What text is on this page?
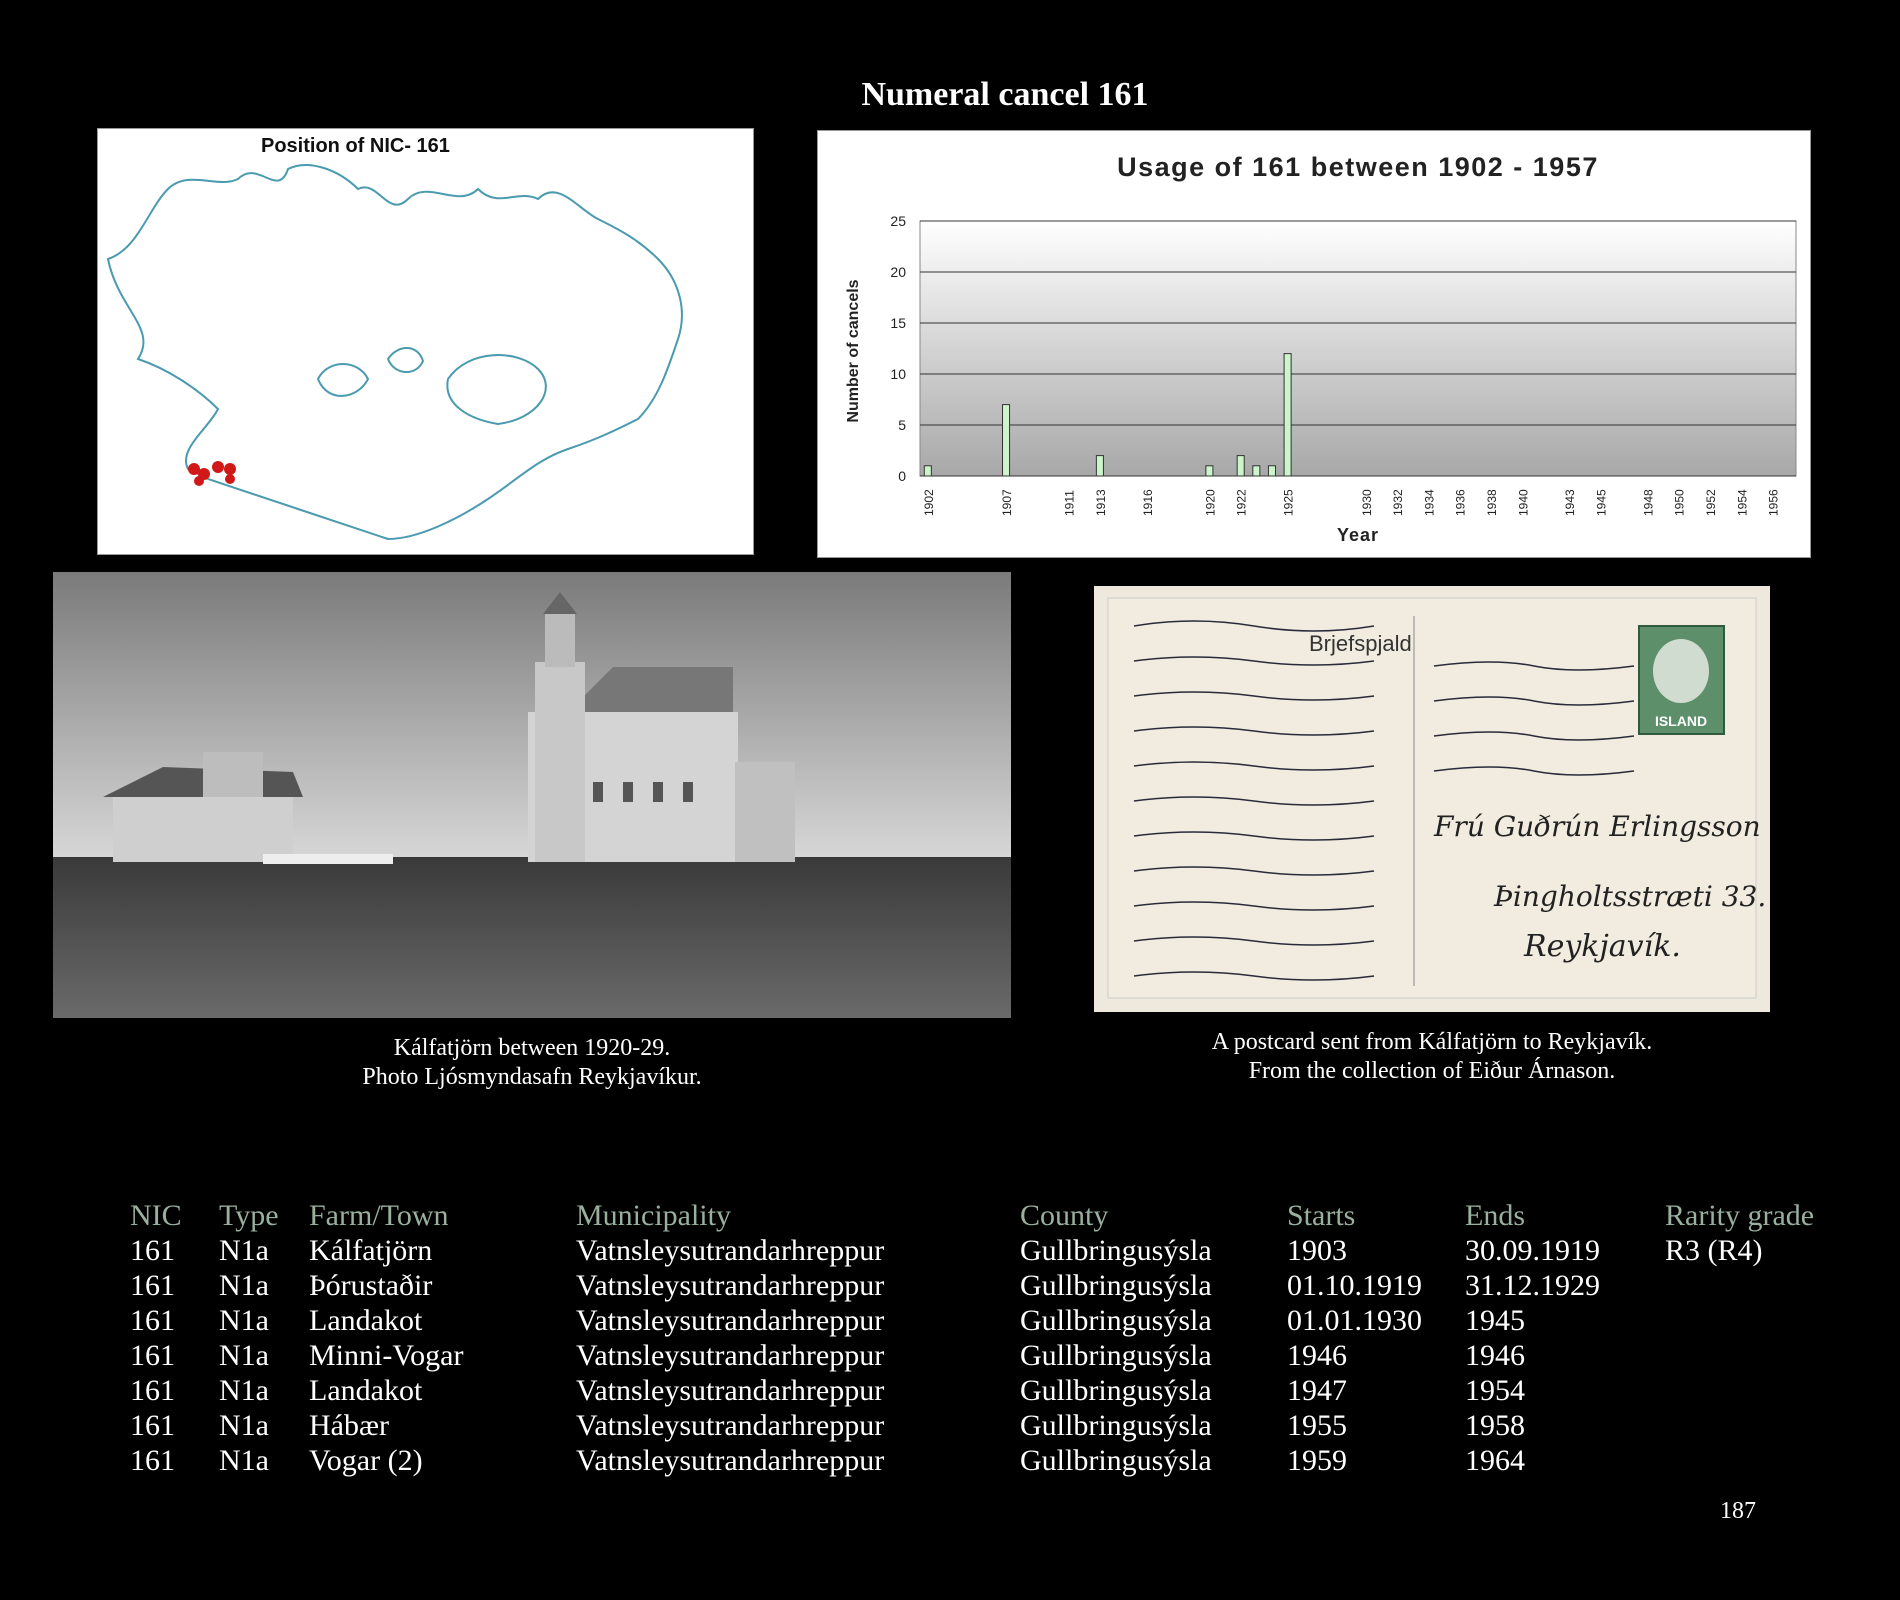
Numeral cancel 161
Position of NIC- 161
Usage of 161 between 1902 - 1957
0
5
10
15
20
25
1902	1907	1911 1913	1916	1920 1922	1925	1930 1932 1934 1936 1938 1940	1943 1945	1948 1950 1952 1954 1956
Number of cancels
Year
Kálfatjörn between 1920-29.
Photo Ljósmyndasafn Reykjavíkur.
Brjefspjald
ISLAND
Frú Guðrún Erlingsson
Þingholtsstræti 33.
Reykjavík.
A postcard sent from Kálfatjörn to Reykjavík.
From the collection of Eiður Árnason.
NIC	Type	Farm/Town	Municipality	County	Starts	Ends	Rarity grade
161	N1a	Kálfatjörn	Vatnsleysutrandarhreppur	Gullbringusýsla	1903	30.09.1919	R3 (R4)
161	N1a	Þórustaðir	Vatnsleysutrandarhreppur	Gullbringusýsla	01.10.1919	31.12.1929	
161	N1a	Landakot	Vatnsleysutrandarhreppur	Gullbringusýsla	01.01.1930	1945	
161	N1a	Minni-Vogar	Vatnsleysutrandarhreppur	Gullbringusýsla	1946	1946	
161	N1a	Landakot	Vatnsleysutrandarhreppur	Gullbringusýsla	1947	1954	
161	N1a	Hábær	Vatnsleysutrandarhreppur	Gullbringusýsla	1955	1958	
161	N1a	Vogar (2)	Vatnsleysutrandarhreppur	Gullbringusýsla	1959	1964	
187
